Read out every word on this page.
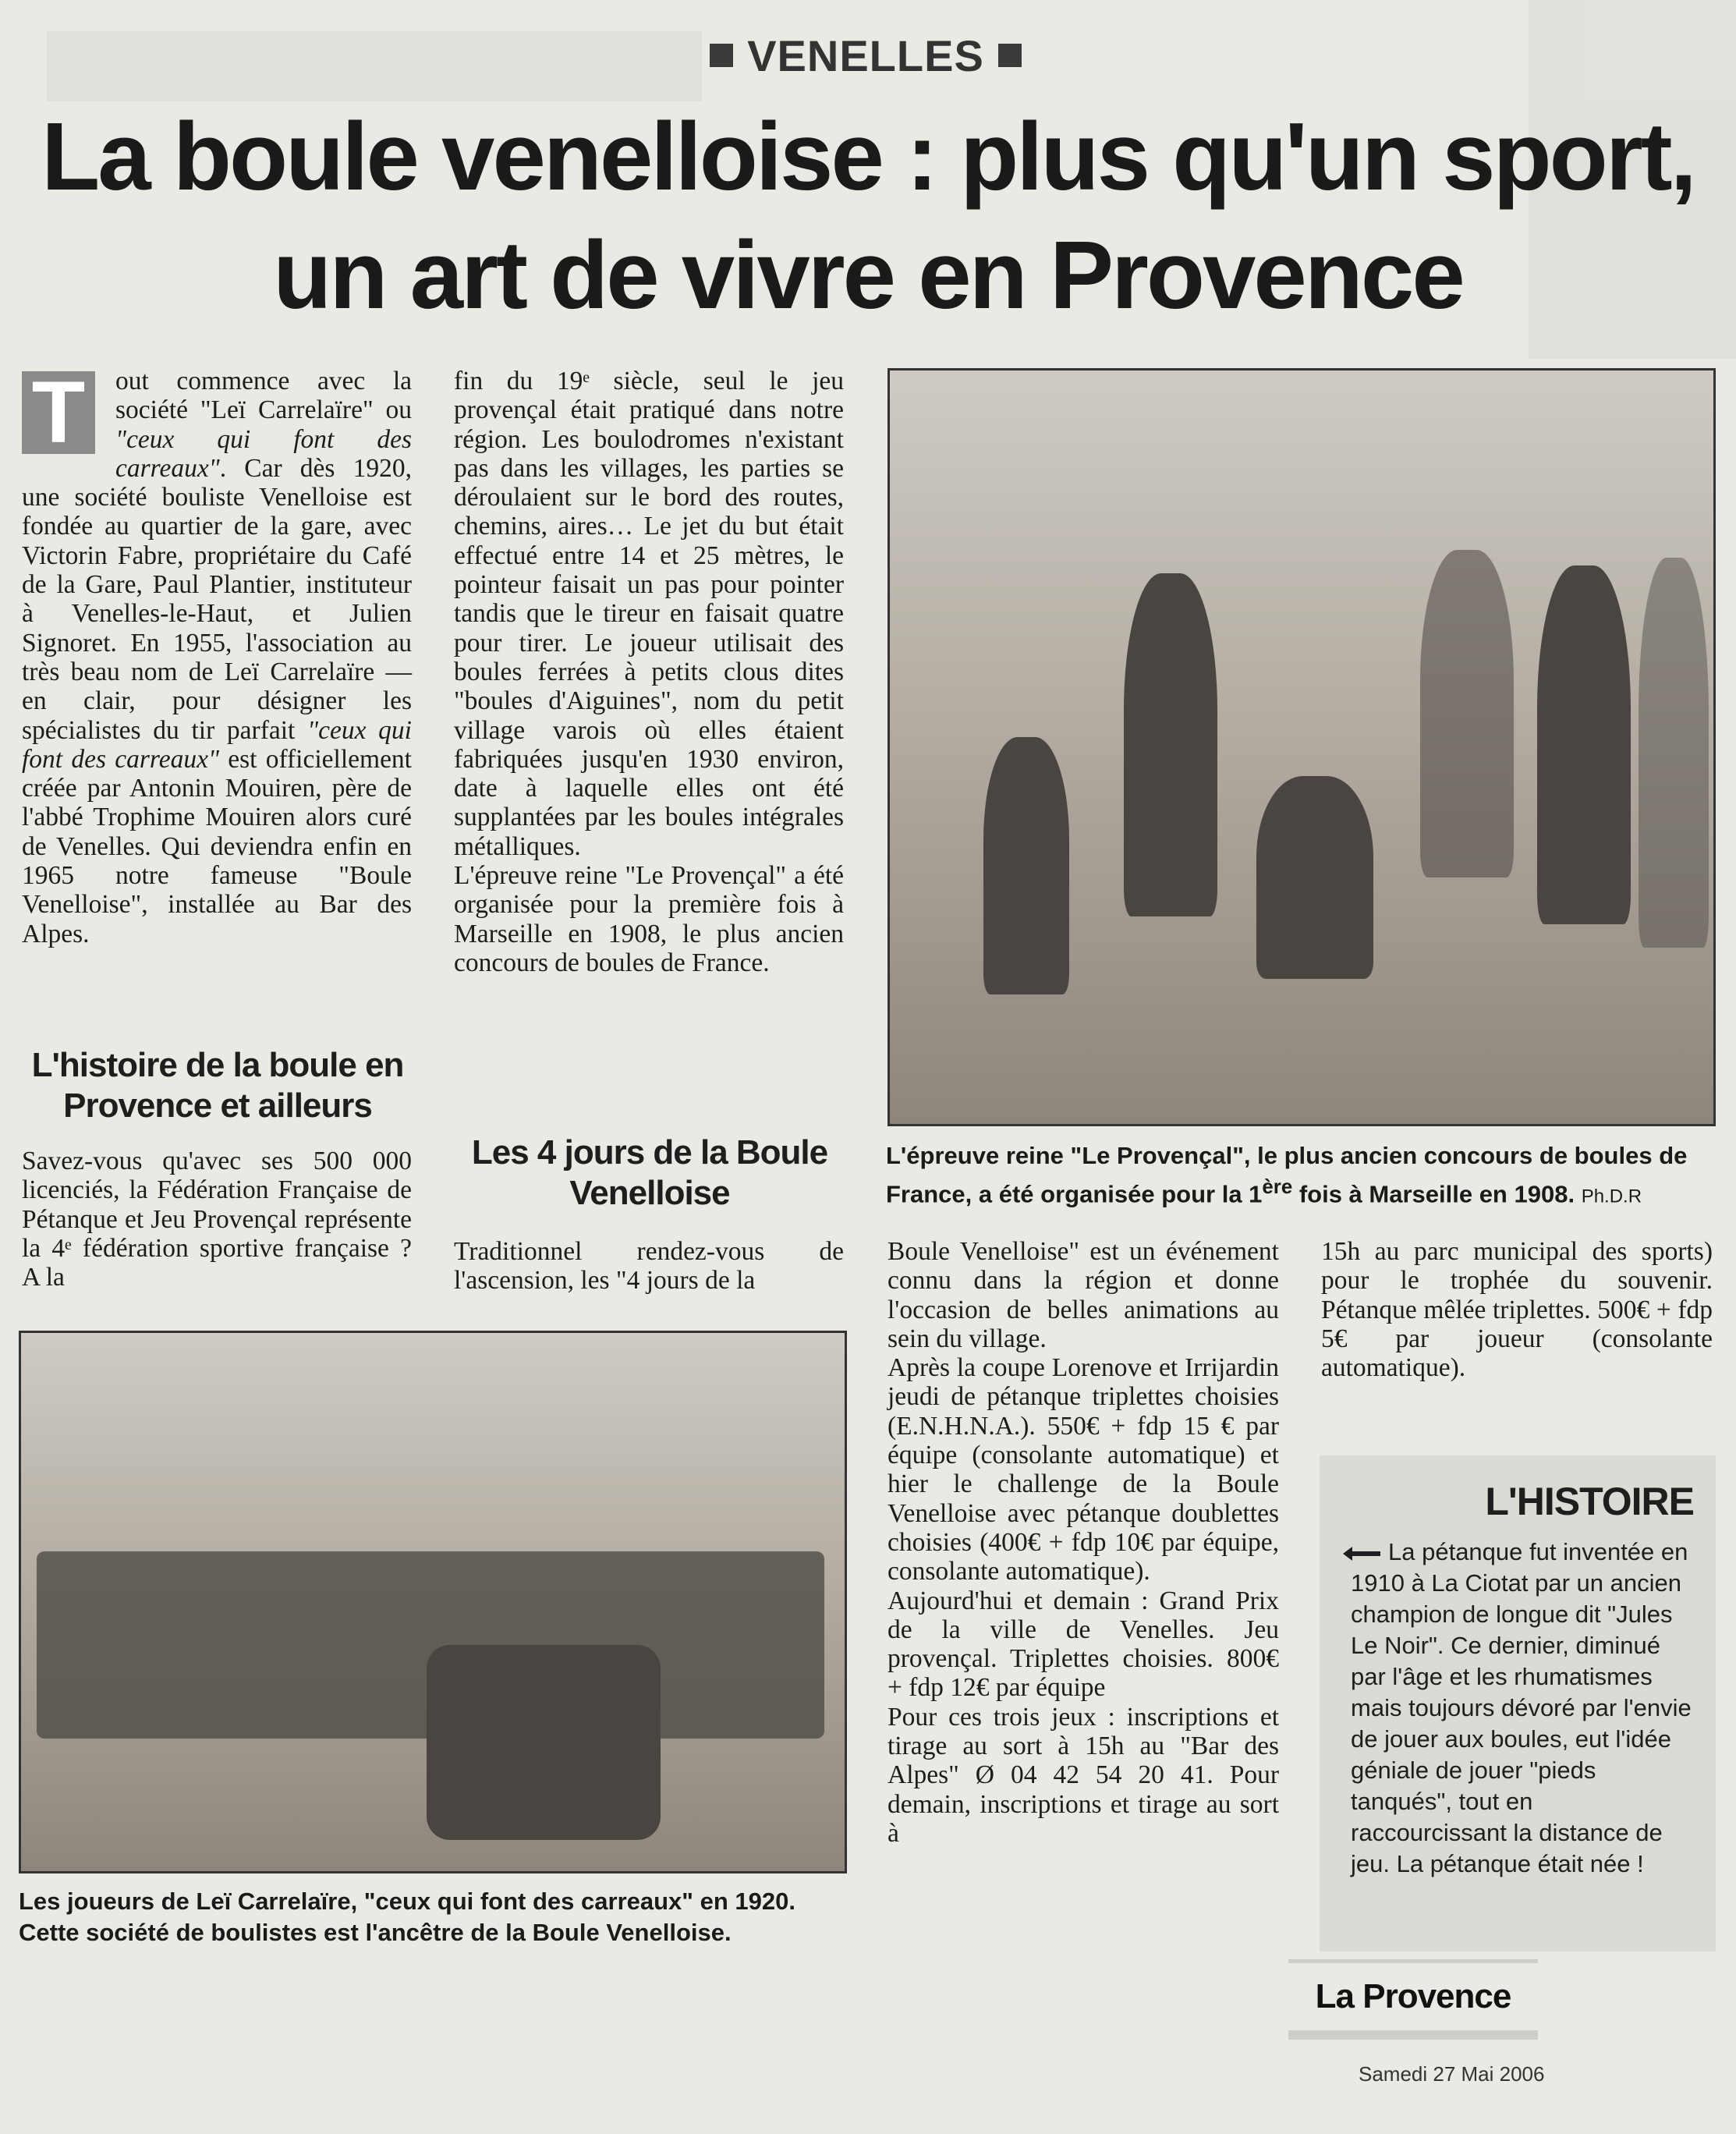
VENELLES
La boule venelloise : plus qu'un sport, un art de vivre en Provence

T	out commence avec la société "Leï Carrelaïre" ou "ceux qui font des carreaux". Car dès 1920, une société bouliste Venelloise est fondée au quartier de la gare, avec Victorin Fabre, propriétaire du Café de la Gare, Paul Plantier, instituteur à Venelles-le-Haut, et Julien Signoret. En 1955, l'association au très beau nom de Leï Carrelaïre — en clair, pour désigner les spécialistes du tir parfait "ceux qui font des carreaux" est officiellement créée par Antonin Mouiren, père de l'abbé Trophime Mouiren alors curé de Venelles. Qui deviendra enfin en 1965 notre fameuse "Boule Venelloise", installée au Bar des Alpes.

L'histoire de la boule en Provence et ailleurs

Savez-vous qu'avec ses 500 000 licenciés, la Fédération Française de Pétanque et Jeu Provençal représente la 4ᵉ fédération sportive française ? A la

fin du 19ᵉ siècle, seul le jeu provençal était pratiqué dans notre région. Les boulodromes n'existant pas dans les villages, les parties se déroulaient sur le bord des routes, chemins, aires… Le jet du but était effectué entre 14 et 25 mètres, le pointeur faisait un pas pour pointer tandis que le tireur en faisait quatre pour tirer. Le joueur utilisait des boules ferrées à petits clous dites "boules d'Aiguines", nom du petit village varois où elles étaient fabriquées jusqu'en 1930 environ, date à laquelle elles ont été supplantées par les boules intégrales métalliques.

L'épreuve reine "Le Provençal" a été organisée pour la première fois à Marseille en 1908, le plus ancien concours de boules de France.

Les 4 jours de la Boule Venelloise

Traditionnel rendez-vous de l'ascension, les "4 jours de la

L'épreuve reine "Le Provençal", le plus ancien concours de boules de France, a été organisée pour la 1ère fois à Marseille en 1908. Ph.D.R

Les joueurs de Leï Carrelaïre, "ceux qui font des carreaux" en 1920. Cette société de boulistes est l'ancêtre de la Boule Venelloise.

Boule Venelloise" est un événement connu dans la région et donne l'occasion de belles animations au sein du village.

Après la coupe Lorenove et Irrijardin jeudi de pétanque triplettes choisies (E.N.H.N.A.). 550€ + fdp 15 € par équipe (consolante automatique) et hier le challenge de la Boule Venelloise avec pétanque doublettes choisies (400€ + fdp 10€ par équipe, consolante automatique).

Aujourd'hui et demain : Grand Prix de la ville de Venelles. Jeu provençal. Triplettes choisies. 800€ + fdp 12€ par équipe

Pour ces trois jeux : inscriptions et tirage au sort à 15h au "Bar des Alpes" Ø 04 42 54 20 41. Pour demain, inscriptions et tirage au sort à

15h au parc municipal des sports) pour le trophée du souvenir. Pétanque mêlée triplettes. 500€ + fdp 5€ par joueur (consolante automatique).

L'HISTOIRE

La pétanque fut inventée en 1910 à La Ciotat par un ancien champion de longue dit "Jules Le Noir". Ce dernier, diminué par l'âge et les rhumatismes mais toujours dévoré par l'envie de jouer aux boules, eut l'idée géniale de jouer "pieds tanqués", tout en raccourcissant la distance de jeu. La pétanque était née !

La Provence

Samedi 27 Mai 2006
